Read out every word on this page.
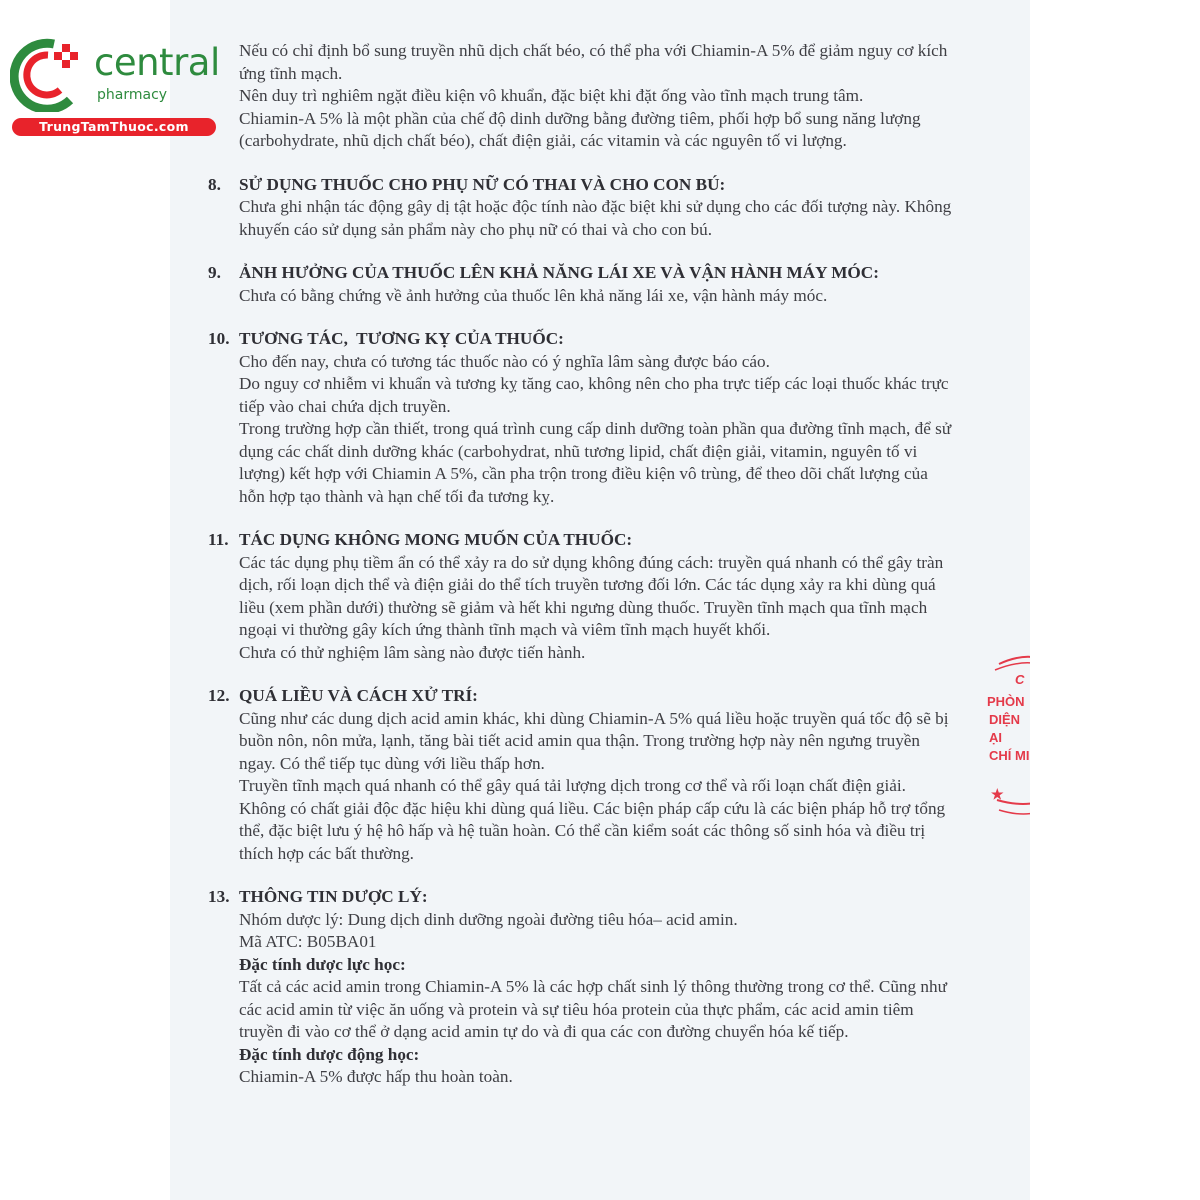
central
pharmacy
TrungTamThuoc.com

Nếu có chỉ định bổ sung truyền nhũ dịch chất béo, có thể pha với Chiamin-A 5% để giảm nguy cơ kích ứng tĩnh mạch.

Nên duy trì nghiêm ngặt điều kiện vô khuẩn, đặc biệt khi đặt ống vào tĩnh mạch trung tâm.

Chiamin-A 5% là một phần của chế độ dinh dưỡng bằng đường tiêm, phối hợp bổ sung năng lượng (carbohydrate, nhũ dịch chất béo), chất điện giải, các vitamin và các nguyên tố vi lượng.

8.	SỬ DỤNG THUỐC CHO PHỤ NỮ CÓ THAI VÀ CHO CON BÚ:

Chưa ghi nhận tác động gây dị tật hoặc độc tính nào đặc biệt khi sử dụng cho các đối tượng này. Không khuyến cáo sử dụng sản phẩm này cho phụ nữ có thai và cho con bú.

9.	ẢNH HƯỞNG CỦA THUỐC LÊN KHẢ NĂNG LÁI XE VÀ VẬN HÀNH MÁY MÓC:

Chưa có bằng chứng về ảnh hưởng của thuốc lên khả năng lái xe, vận hành máy móc.

10. TƯƠNG TÁC,  TƯƠNG KỴ CỦA THUỐC:

Cho đến nay, chưa có tương tác thuốc nào có ý nghĩa lâm sàng được báo cáo.

Do nguy cơ nhiễm vi khuẩn và tương kỵ tăng cao, không nên cho pha trực tiếp các loại thuốc khác trực tiếp vào chai chứa dịch truyền.

Trong trường hợp cần thiết, trong quá trình cung cấp dinh dưỡng toàn phần qua đường tĩnh mạch, để sử dụng các chất dinh dưỡng khác (carbohydrat, nhũ tương lipid, chất điện giải, vitamin, nguyên tố vi lượng) kết hợp với Chiamin A 5%, cần pha trộn trong điều kiện vô trùng, để theo dõi chất lượng của hỗn hợp tạo thành và hạn chế tối đa tương kỵ.

11. TÁC DỤNG KHÔNG MONG MUỐN CỦA THUỐC:

Các tác dụng phụ tiềm ẩn có thể xảy ra do sử dụng không đúng cách: truyền quá nhanh có thể gây tràn dịch, rối loạn dịch thể và điện giải do thể tích truyền tương đối lớn. Các tác dụng xảy ra khi dùng quá liều (xem phần dưới) thường sẽ giảm và hết khi ngưng dùng thuốc. Truyền tĩnh mạch qua tĩnh mạch ngoại vi thường gây kích ứng thành tĩnh mạch và viêm tĩnh mạch huyết khối.

Chưa có thử nghiệm lâm sàng nào được tiến hành.

12. QUÁ LIỀU VÀ CÁCH XỬ TRÍ:

Cũng như các dung dịch acid amin khác, khi dùng Chiamin-A 5% quá liều hoặc truyền quá tốc độ sẽ bị buồn nôn, nôn mửa, lạnh, tăng bài tiết acid amin qua thận. Trong trường hợp này nên ngưng truyền ngay. Có thể tiếp tục dùng với liều thấp hơn.

Truyền tĩnh mạch quá nhanh có thể gây quá tải lượng dịch trong cơ thể và rối loạn chất điện giải.

Không có chất giải độc đặc hiệu khi dùng quá liều. Các biện pháp cấp cứu là các biện pháp hỗ trợ tổng thể, đặc biệt lưu ý hệ hô hấp và hệ tuần hoàn. Có thể cần kiểm soát các thông số sinh hóa và điều trị thích hợp các bất thường.

13. THÔNG TIN DƯỢC LÝ:

Nhóm dược lý: Dung dịch dinh dưỡng ngoài đường tiêu hóa– acid amin.

Mã ATC: B05BA01

Đặc tính dược lực học:

Tất cả các acid amin trong Chiamin-A 5% là các hợp chất sinh lý thông thường trong cơ thể. Cũng như các acid amin từ việc ăn uống và protein và sự tiêu hóa protein của thực phẩm, các acid amin tiêm truyền đi vào cơ thể ở dạng acid amin tự do và đi qua các con đường chuyển hóa kế tiếp.

Đặc tính dược động học:

Chiamin-A 5% được hấp thu hoàn toàn.

C
PHÒN
DIỆN
ẠI
CHÍ MI
★
